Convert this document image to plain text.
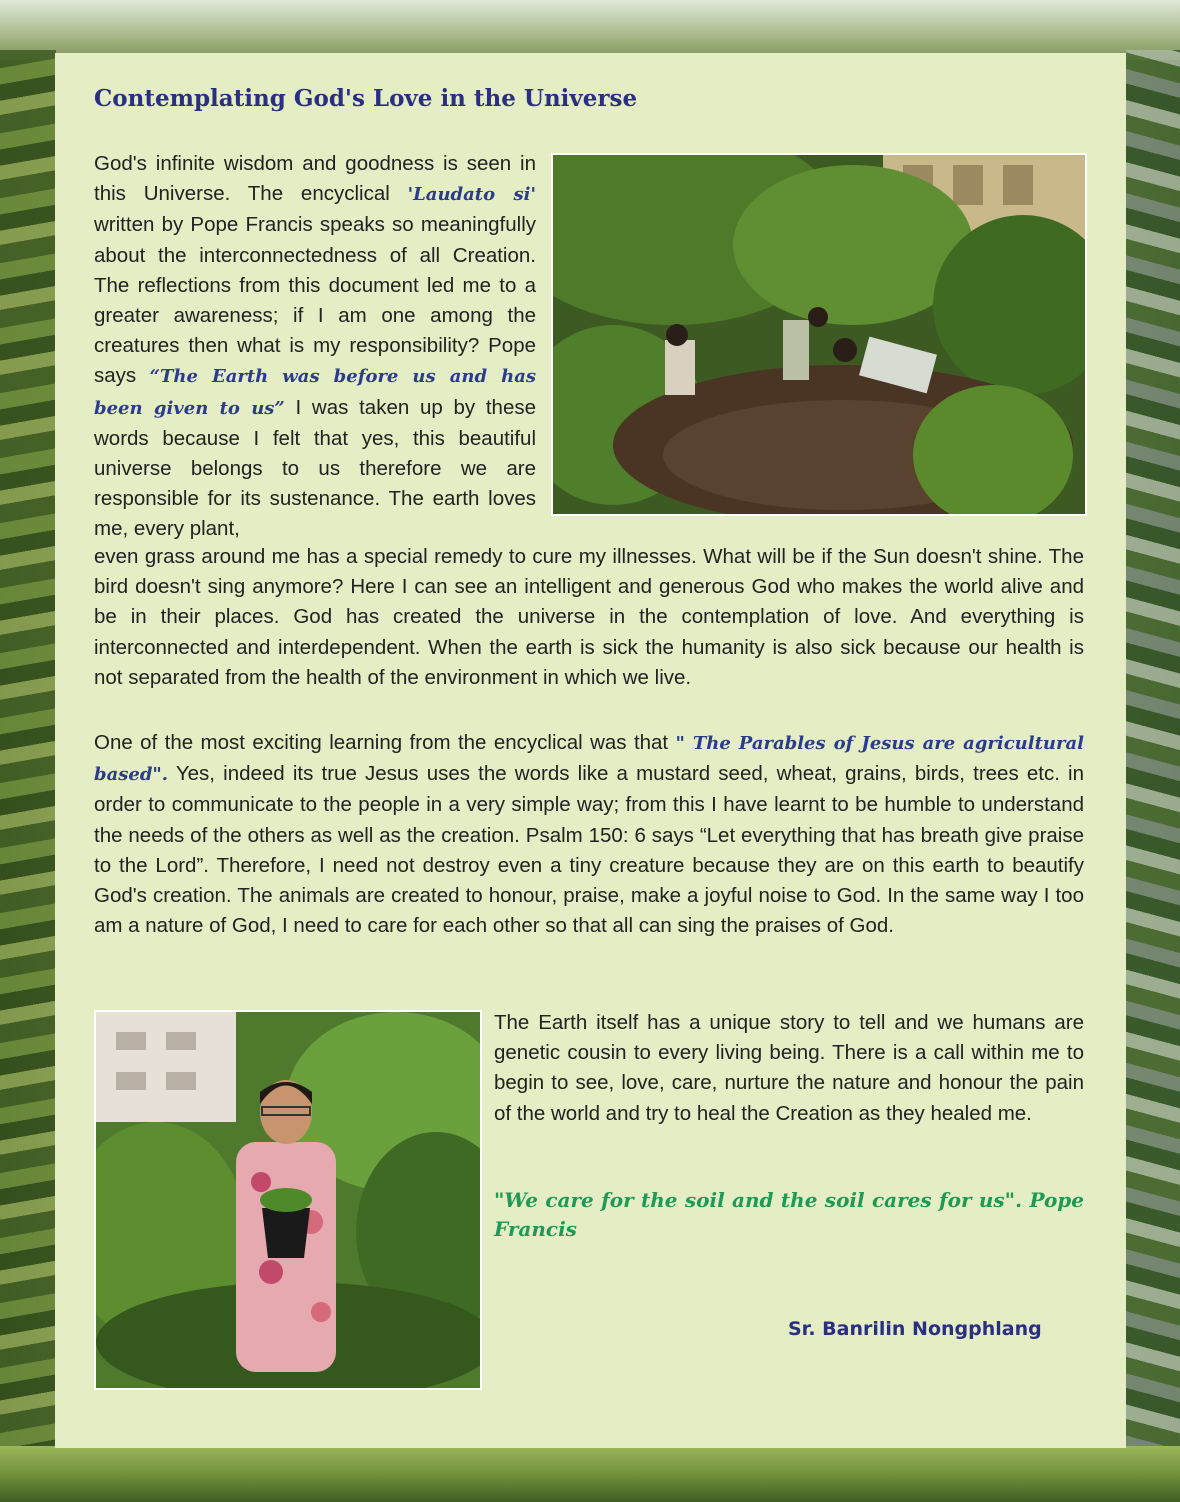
Contemplating God's Love in the Universe

God's infinite wisdom and goodness is seen in this Universe. The encyclical 'Laudato si' written by Pope Francis speaks so meaningfully about the interconnectedness of all Creation. The reflections from this document led me to a greater awareness; if I am one among the creatures then what is my responsibility? Pope says “The Earth was before us and has been given to us” I was taken up by these words because I felt that yes, this beautiful universe belongs to us therefore we are responsible for its sustenance. The earth loves me, every plant,

even grass around me has a special remedy to cure my illnesses. What will be if the Sun doesn't shine. The bird doesn't sing anymore? Here I can see an intelligent and generous God who makes the world alive and be in their places. God has created the universe in the contemplation of love. And everything is interconnected and interdependent. When the earth is sick the humanity is also sick because our health is not separated from the health of the environment in which we live.

One of the most exciting learning from the encyclical was that " The Parables of Jesus are agricultural based". Yes, indeed its true Jesus uses the words like a mustard seed, wheat, grains, birds, trees etc. in order to communicate to the people in a very simple way; from this I have learnt to be humble to understand the needs of the others as well as the creation. Psalm 150: 6 says “Let everything that has breath give praise to the Lord”. Therefore, I need not destroy even a tiny creature because they are on this earth to beautify God's creation. The animals are created to honour, praise, make a joyful noise to God. In the same way I too am a nature of God, I need to care for each other so that all can sing the praises of God.

The Earth itself has a unique story to tell and we humans are genetic cousin to every living being. There is a call within me to begin to see, love, care, nurture the nature and honour the pain of the world and try to heal the Creation as they healed me.

"We care for the soil and the soil cares for us". Pope Francis

Sr. Banrilin Nongphlang
